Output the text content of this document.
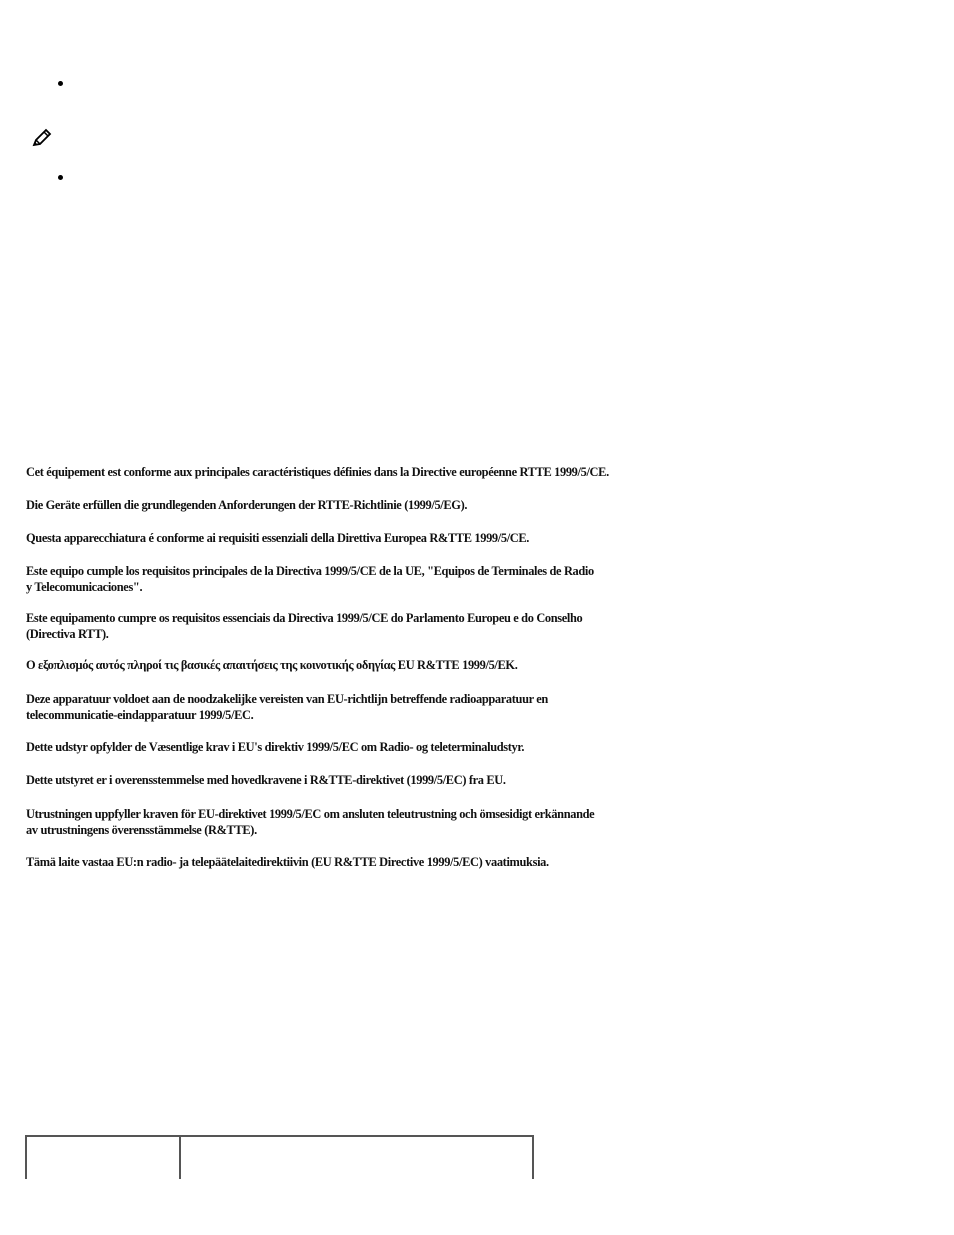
Cet équipement est conforme aux principales caractéristiques définies dans la Directive européenne RTTE 1999/5/CE.

Die Geräte erfüllen die grundlegenden Anforderungen der RTTE-Richtlinie (1999/5/EG).

Questa apparecchiatura é conforme ai requisiti essenziali della Direttiva Europea R&TTE 1999/5/CE.

Este equipo cumple los requisitos principales de la Directiva 1999/5/CE de la UE, "Equipos de Terminales de Radio
y Telecomunicaciones".

Este equipamento cumpre os requisitos essenciais da Directiva 1999/5/CE do Parlamento Europeu e do Conselho
(Directiva RTT).

Ο εξοπλισμός αυτός πληροί τις βασικές απαιτήσεις της κοινοτικής οδηγίας EU R&TTE 1999/5/ΕΚ.

Deze apparatuur voldoet aan de noodzakelijke vereisten van EU-richtlijn betreffende radioapparatuur en
telecommunicatie-eindapparatuur 1999/5/EC.

Dette udstyr opfylder de Væsentlige krav i EU's direktiv 1999/5/EC om Radio- og teleterminaludstyr.

Dette utstyret er i overensstemmelse med hovedkravene i R&TTE-direktivet (1999/5/EC) fra EU.

Utrustningen uppfyller kraven för EU-direktivet 1999/5/EC om ansluten teleutrustning och ömsesidigt erkännande
av utrustningens överensstämmelse (R&TTE).

Tämä laite vastaa EU:n radio- ja telepäätelaitedirektiivin (EU R&TTE Directive 1999/5/EC) vaatimuksia.
